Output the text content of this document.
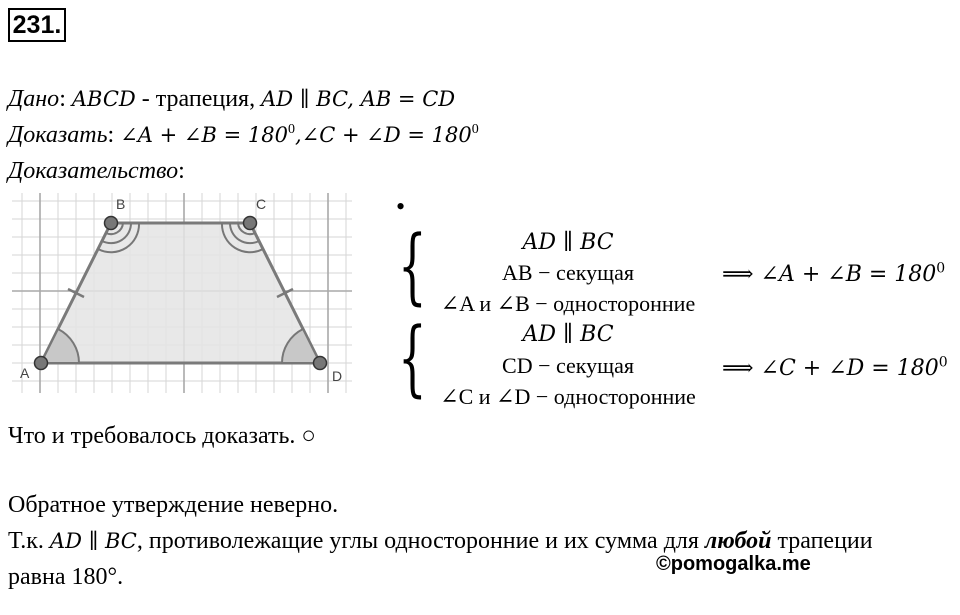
231.
Дано: ABCD - трапеция, AD ∥ BC, AB = CD
Доказать: ∠A + ∠B = $180^0,\angle C$ + ∠D = $180^0$
Доказательство:
A
B	C
D
•
{	AD ∥ BC
AB − секущая
∠A и ∠B − односторонние
⟹ ∠A + ∠B = $180^0$
{	AD ∥ BC
CD − секущая
∠C и ∠D − односторонние
⟹ ∠C + ∠D = $180^0$
Что и требовалось доказать. ○
Обратное утверждение неверно.
Т.к. AD ∥ BC, противолежащие углы односторонние и их сумма для любой трапеции
равна 180°.	©pomogalka.me
